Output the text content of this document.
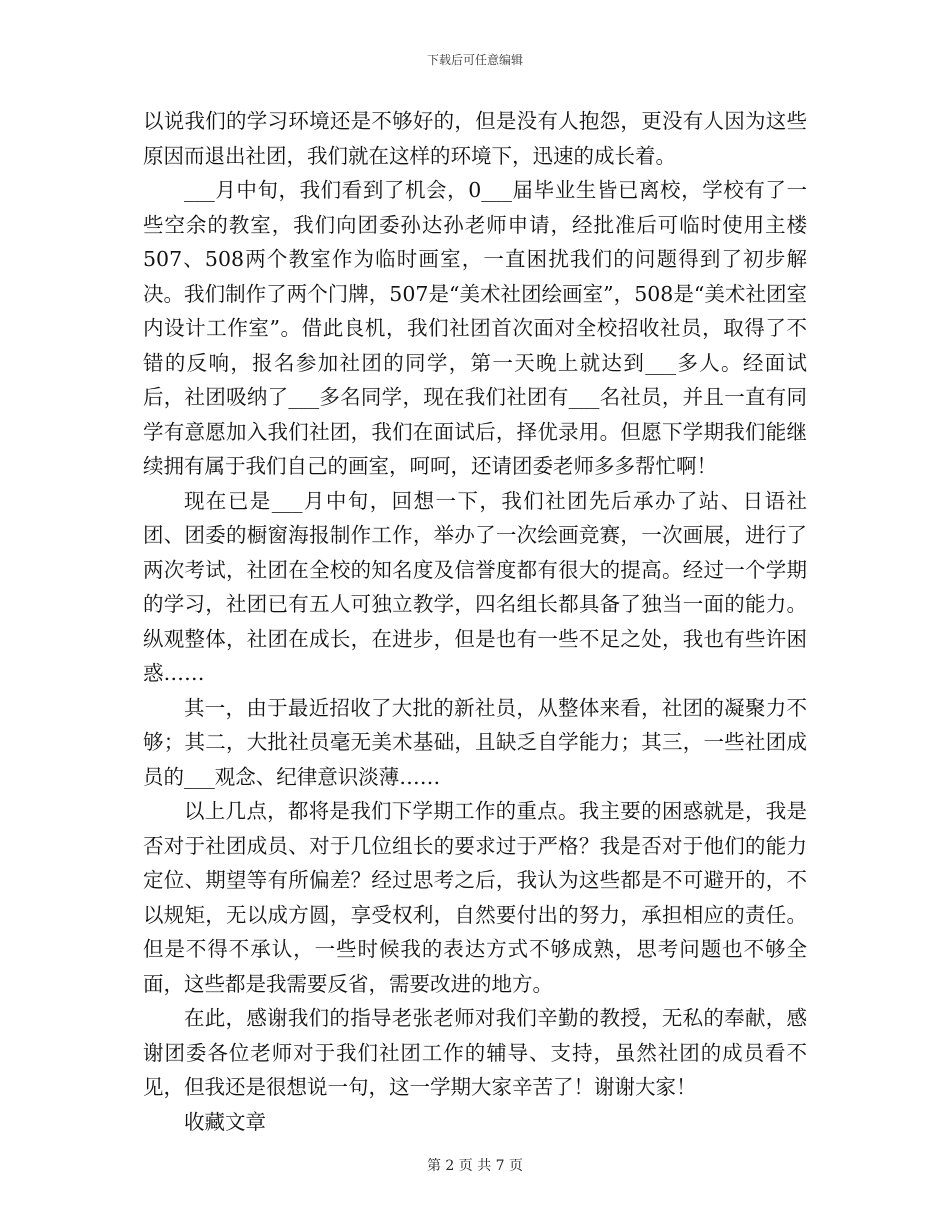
下载后可任意编辑

以说我们的学习环境还是不够好的，但是没有人抱怨，更没有人因为这些原因而退出社团，我们就在这样的环境下，迅速的成长着。

___月中旬，我们看到了机会，0___届毕业生皆已离校，学校有了一些空余的教室，我们向团委孙达孙老师申请，经批准后可临时使用主楼507、508两个教室作为临时画室，一直困扰我们的问题得到了初步解决。我们制作了两个门牌，507是“美术社团绘画室”，508是“美术社团室内设计工作室”。借此良机，我们社团首次面对全校招收社员，取得了不错的反响，报名参加社团的同学，第一天晚上就达到___多人。经面试后，社团吸纳了___多名同学，现在我们社团有___名社员，并且一直有同学有意愿加入我们社团，我们在面试后，择优录用。但愿下学期我们能继续拥有属于我们自己的画室，呵呵，还请团委老师多多帮忙啊！

现在已是___月中旬，回想一下，我们社团先后承办了站、日语社团、团委的橱窗海报制作工作，举办了一次绘画竞赛，一次画展，进行了两次考试，社团在全校的知名度及信誉度都有很大的提高。经过一个学期的学习，社团已有五人可独立教学，四名组长都具备了独当一面的能力。纵观整体，社团在成长，在进步，但是也有一些不足之处，我也有些许困惑……

其一，由于最近招收了大批的新社员，从整体来看，社团的凝聚力不够；其二，大批社员毫无美术基础，且缺乏自学能力；其三，一些社团成员的___观念、纪律意识淡薄……

以上几点，都将是我们下学期工作的重点。我主要的困惑就是，我是否对于社团成员、对于几位组长的要求过于严格？我是否对于他们的能力定位、期望等有所偏差？经过思考之后，我认为这些都是不可避开的，不以规矩，无以成方圆，享受权利，自然要付出的努力，承担相应的责任。但是不得不承认，一些时候我的表达方式不够成熟，思考问题也不够全面，这些都是我需要反省，需要改进的地方。

在此，感谢我们的指导老张老师对我们辛勤的教授，无私的奉献，感谢团委各位老师对于我们社团工作的辅导、支持，虽然社团的成员看不见，但我还是很想说一句，这一学期大家辛苦了！谢谢大家！

收藏文章

第 2 页 共 7 页
